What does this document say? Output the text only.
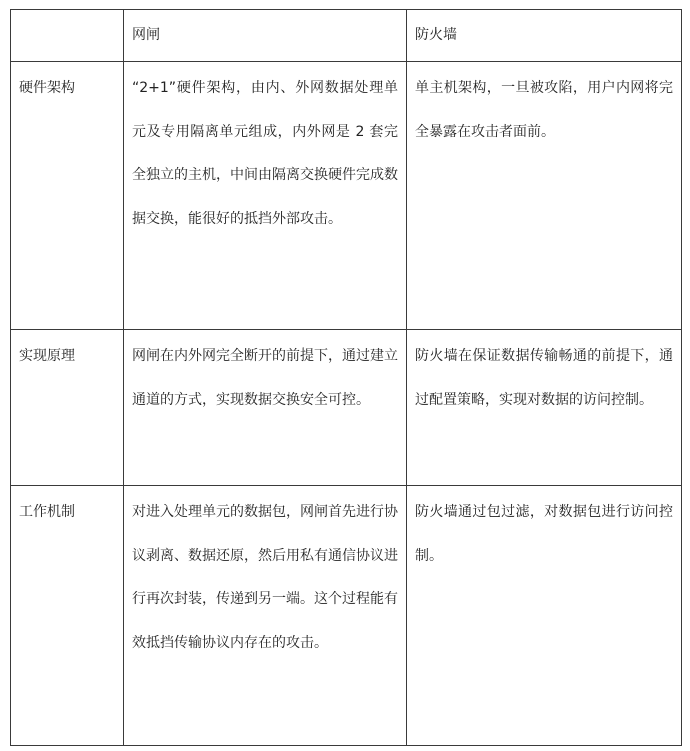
	网闸	防火墙
硬件架构	“2+1”硬件架构，由内、外网数据处理单元及专用隔离单元组成，内外网是 2 套完全独立的主机，中间由隔离交换硬件完成数据交换，能很好的抵挡外部攻击。	单主机架构，一旦被攻陷，用户内网将完全暴露在攻击者面前。
实现原理	网闸在内外网完全断开的前提下，通过建立通道的方式，实现数据交换安全可控。	防火墙在保证数据传输畅通的前提下，通过配置策略，实现对数据的访问控制。
工作机制	对进入处理单元的数据包，网闸首先进行协议剥离、数据还原，然后用私有通信协议进行再次封装，传递到另一端。这个过程能有效抵挡传输协议内存在的攻击。	防火墙通过包过滤，对数据包进行访问控制。
